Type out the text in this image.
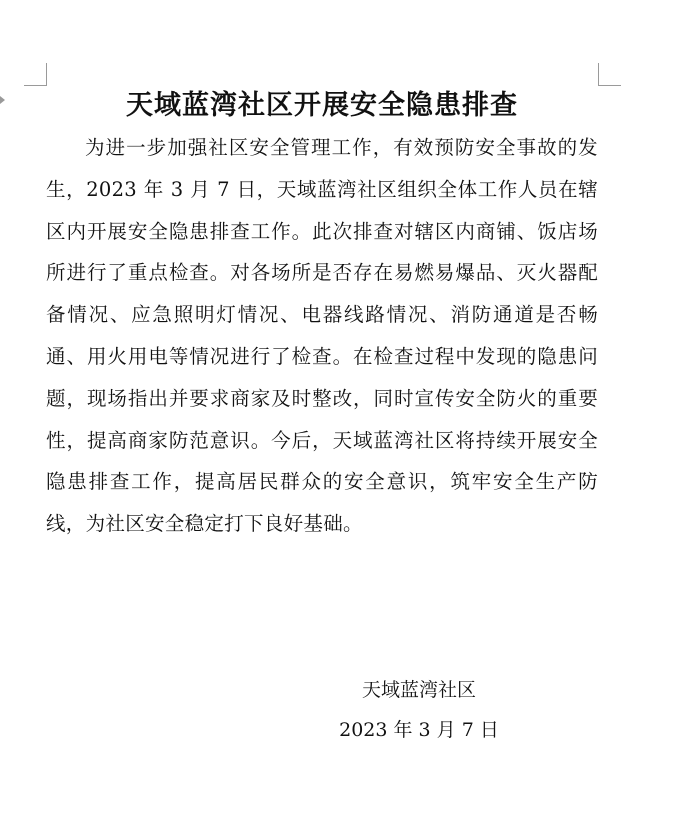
天域蓝湾社区开展安全隐患排查

为进一步加强社区安全管理工作，有效预防安全事故的发生，2023 年 3 月 7 日，天域蓝湾社区组织全体工作人员在辖区内开展安全隐患排查工作。此次排查对辖区内商铺、饭店场所进行了重点检查。对各场所是否存在易燃易爆品、灭火器配备情况、应急照明灯情况、电器线路情况、消防通道是否畅通、用火用电等情况进行了检查。在检查过程中发现的隐患问题，现场指出并要求商家及时整改，同时宣传安全防火的重要性，提高商家防范意识。今后，天域蓝湾社区将持续开展安全隐患排查工作，提高居民群众的安全意识，筑牢安全生产防线，为社区安全稳定打下良好基础。

天域蓝湾社区
2023 年 3 月 7 日
